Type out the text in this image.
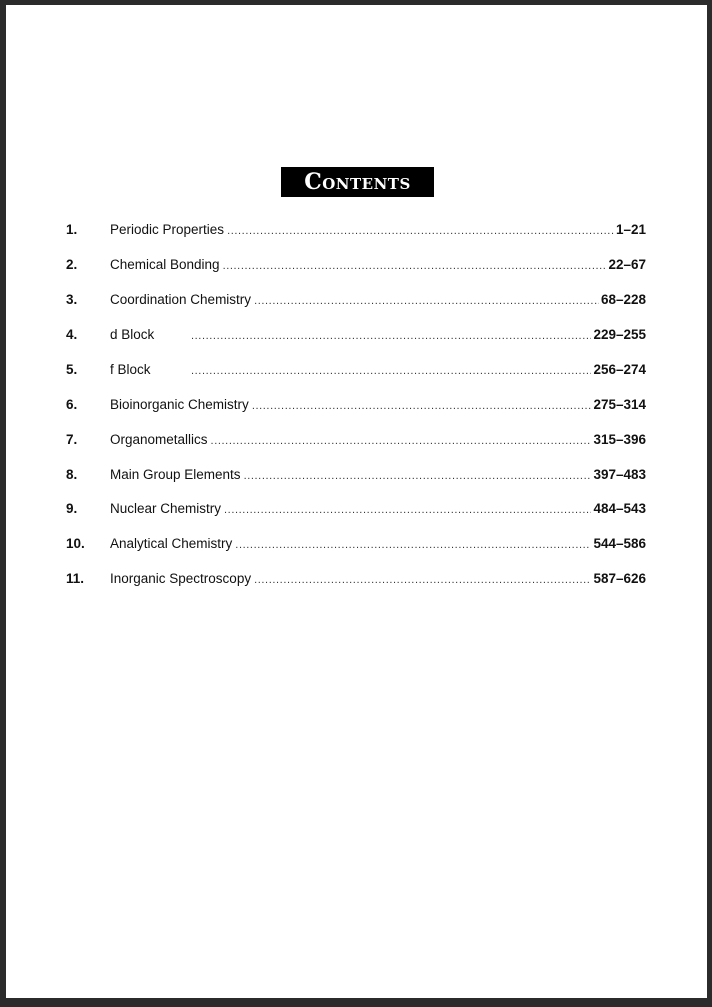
Contents
1. Periodic Properties .....	1–21
2. Chemical Bonding .....	22–67
3. Coordination Chemistry .....	68–228
4. d Block .....	229–255
5. f Block .....	256–274
6. Bioinorganic Chemistry .....	275–314
7. Organometallics .....	315–396
8. Main Group Elements .....	397–483
9. Nuclear Chemistry .....	484–543
10. Analytical Chemistry .....	544–586
11. Inorganic Spectroscopy .....	587–626
